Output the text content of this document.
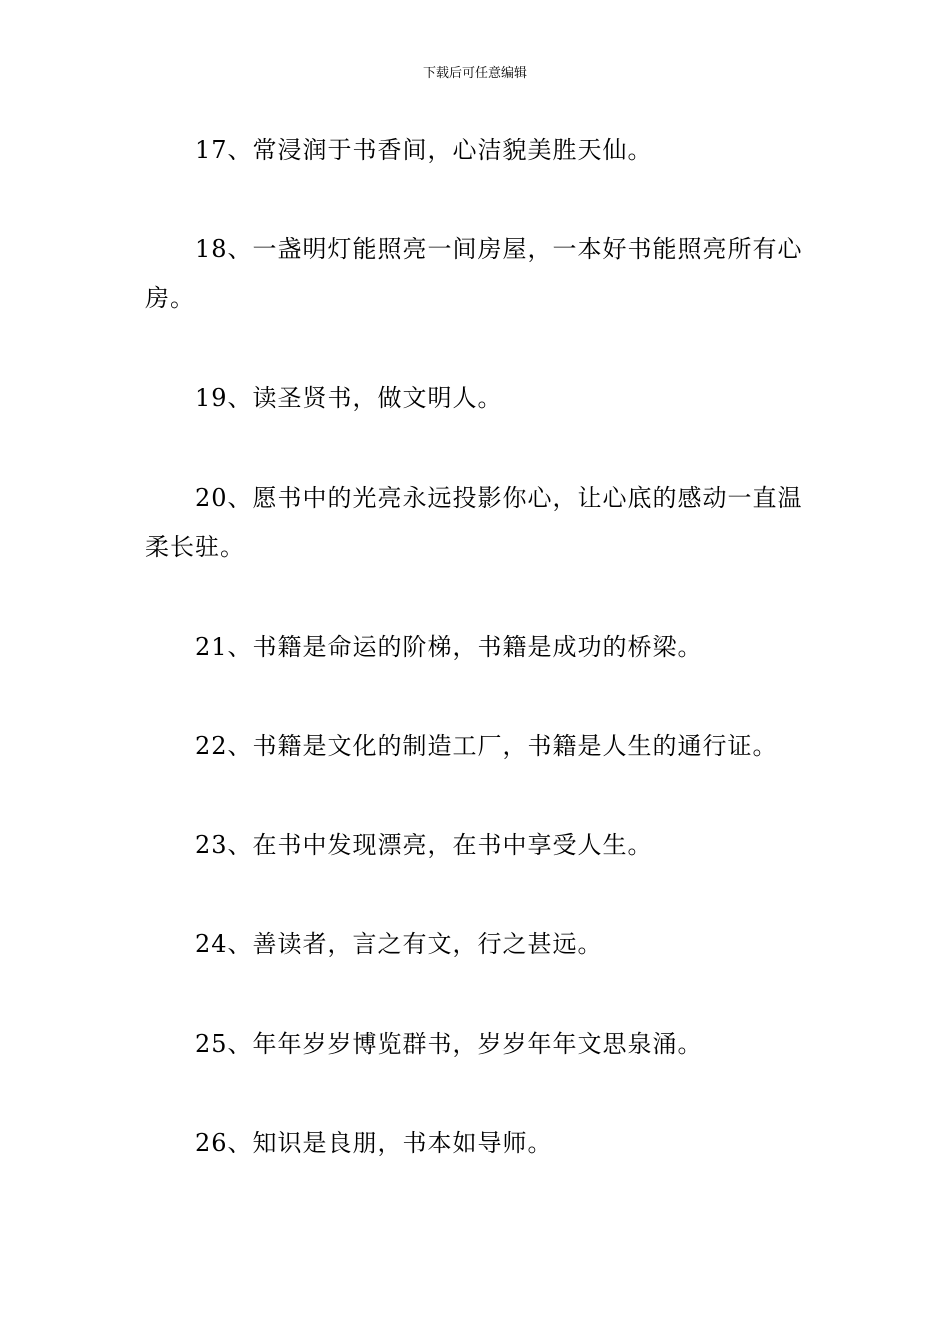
下载后可任意编辑

17、常浸润于书香间，心洁貌美胜天仙。

18、一盏明灯能照亮一间房屋，一本好书能照亮所有心房。

19、读圣贤书，做文明人。

20、愿书中的光亮永远投影你心，让心底的感动一直温柔长驻。

21、书籍是命运的阶梯，书籍是成功的桥梁。

22、书籍是文化的制造工厂，书籍是人生的通行证。

23、在书中发现漂亮，在书中享受人生。

24、善读者，言之有文，行之甚远。

25、年年岁岁博览群书，岁岁年年文思泉涌。

26、知识是良朋，书本如导师。
